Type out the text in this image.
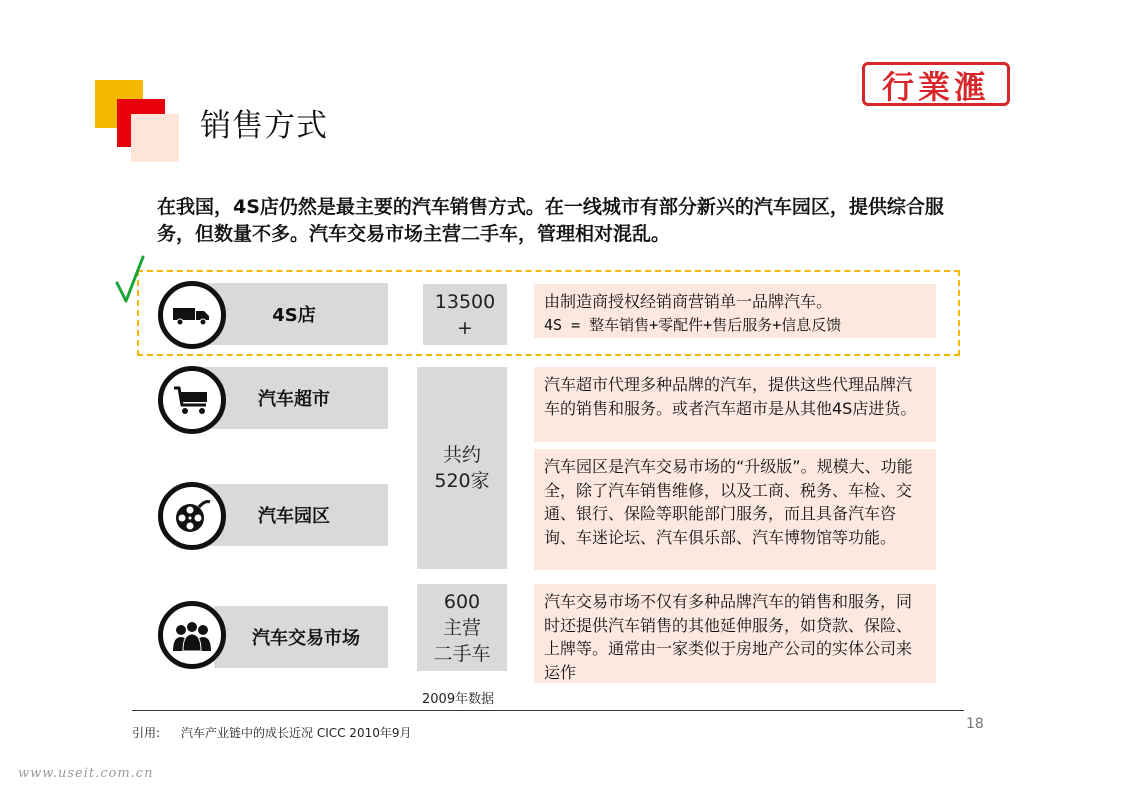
销售方式
行業滙
在我国，4S店仍然是最主要的汽车销售方式。在一线城市有部分新兴的汽车园区，提供综合服务，但数量不多。汽车交易市场主营二手车，管理相对混乱。
4S店
13500
+
由制造商授权经销商营销单一品牌汽车。
4S = 整车销售+零配件+售后服务+信息反馈
汽车超市
汽车园区
共约
520家
汽车超市代理多种品牌的汽车，提供这些代理品牌汽车的销售和服务。或者汽车超市是从其他4S店进货。
汽车园区是汽车交易市场的“升级版”。规模大、功能全，除了汽车销售维修，以及工商、税务、车检、交通、银行、保险等职能部门服务，而且具备汽车咨询、车迷论坛、汽车俱乐部、汽车博物馆等功能。
汽车交易市场
600
主营
二手车
汽车交易市场不仅有多种品牌汽车的销售和服务，同时还提供汽车销售的其他延伸服务，如贷款、保险、上牌等。通常由一家类似于房地产公司的实体公司来运作
2009年数据
引用: 汽车产业链中的成长近况 CICC 2010年9月
18
www.useit.com.cn
